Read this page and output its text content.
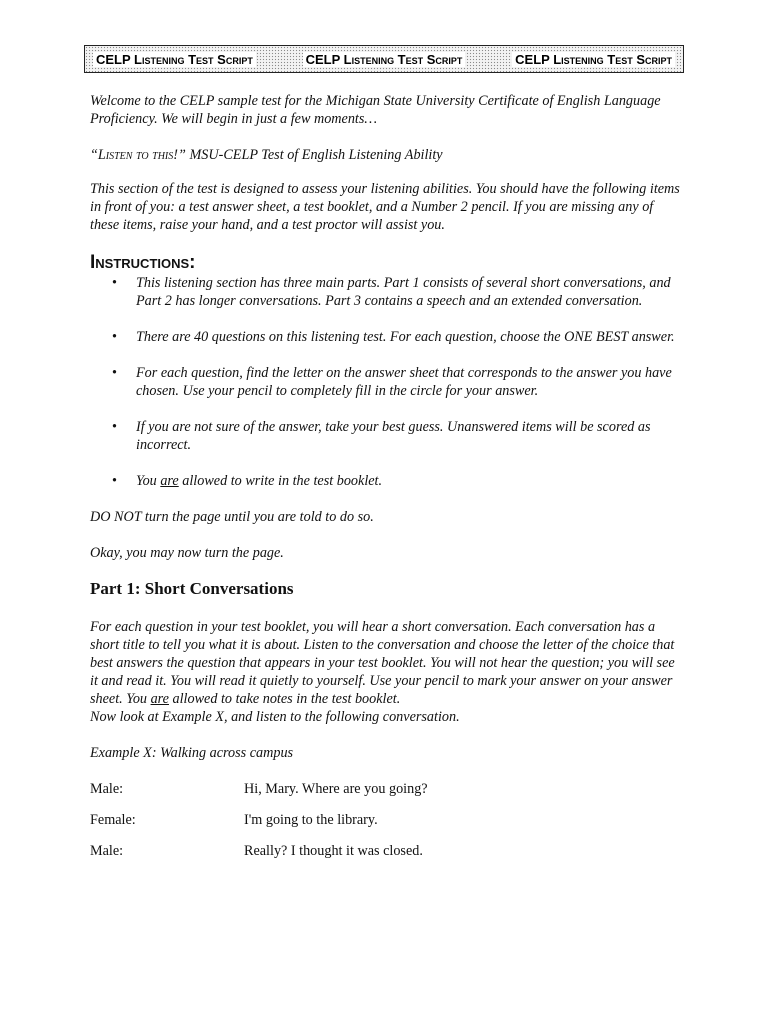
CELP Listening Test Script	CELP Listening Test Script	CELP Listening Test Script

Welcome to the CELP sample test for the Michigan State University Certificate of English Language Proficiency. We will begin in just a few moments…

“Listen to this!” MSU-CELP Test of English Listening Ability

This section of the test is designed to assess your listening abilities. You should have the following items in front of you: a test answer sheet, a test booklet, and a Number 2 pencil. If you are missing any of these items, raise your hand, and a test proctor will assist you.

Instructions:
• This listening section has three main parts. Part 1 consists of several short conversations, and Part 2 has longer conversations. Part 3 contains a speech and an extended conversation.
• There are 40 questions on this listening test. For each question, choose the ONE BEST answer.
• For each question, find the letter on the answer sheet that corresponds to the answer you have chosen. Use your pencil to completely fill in the circle for your answer.
• If you are not sure of the answer, take your best guess. Unanswered items will be scored as incorrect.
• You are allowed to write in the test booklet.

DO NOT turn the page until you are told to do so.

Okay, you may now turn the page.

Part 1: Short Conversations

For each question in your test booklet, you will hear a short conversation. Each conversation has a short title to tell you what it is about. Listen to the conversation and choose the letter of the choice that best answers the question that appears in your test booklet. You will not hear the question; you will see it and read it. You will read it quietly to yourself. Use your pencil to mark your answer on your answer sheet. You are allowed to take notes in the test booklet.

Now look at Example X, and listen to the following conversation.

Example X: Walking across campus

Male:	Hi, Mary. Where are you going?
Female:	I'm going to the library.
Male:	Really? I thought it was closed.
